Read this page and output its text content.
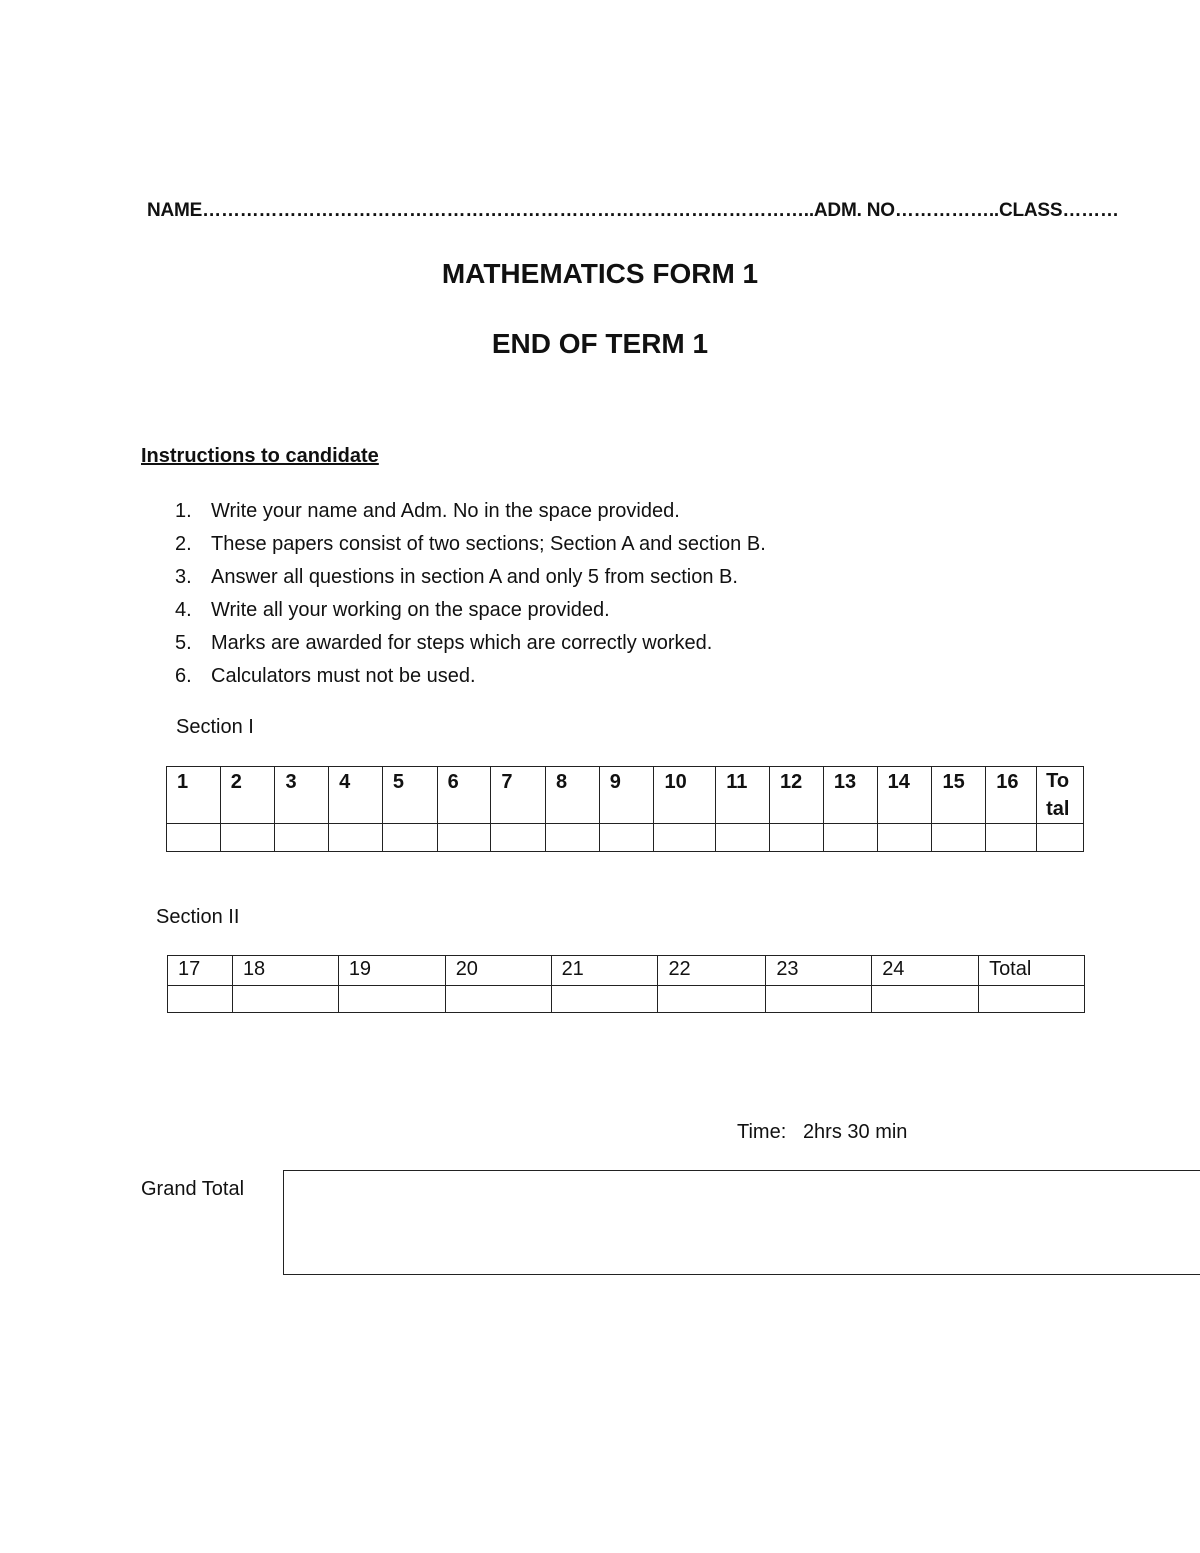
NAME……………………………………………………………………………………..ADM. NO……………..CLASS………
MATHEMATICS FORM 1
END OF TERM 1
Instructions to candidate
1. Write your name and Adm. No in the space provided.
2. These papers consist of two sections; Section A and section B.
3. Answer all questions in section A and only 5 from section B.
4. Write all your working on the space provided.
5. Marks are awarded for steps which are correctly worked.
6. Calculators must not be used.
Section I
1	2	3	4	5	6	7	8	9	10	11	12	13	14	15	16	To tal

Section II
17	18	19	20	21	22	23	24	Total

Time: 2hrs 30 min
Grand Total
